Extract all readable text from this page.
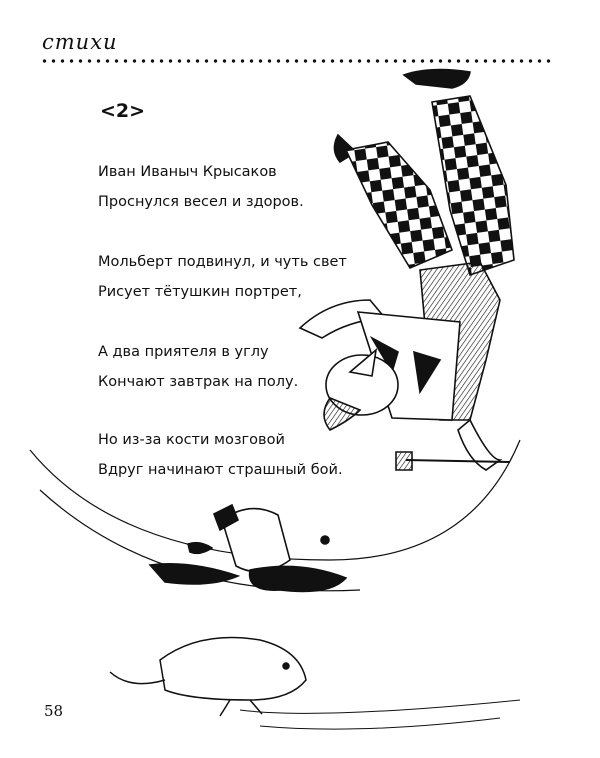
стихи
<2>
Иван Иваныч Крысаков
Проснулся весел и здоров.
Мольберт подвинул, и чуть свет
Рисует тётушкин портрет,
А два приятеля в углу
Кончают завтрак на полу.
Но из-за кости мозговой
Вдруг начинают страшный бой.
58
